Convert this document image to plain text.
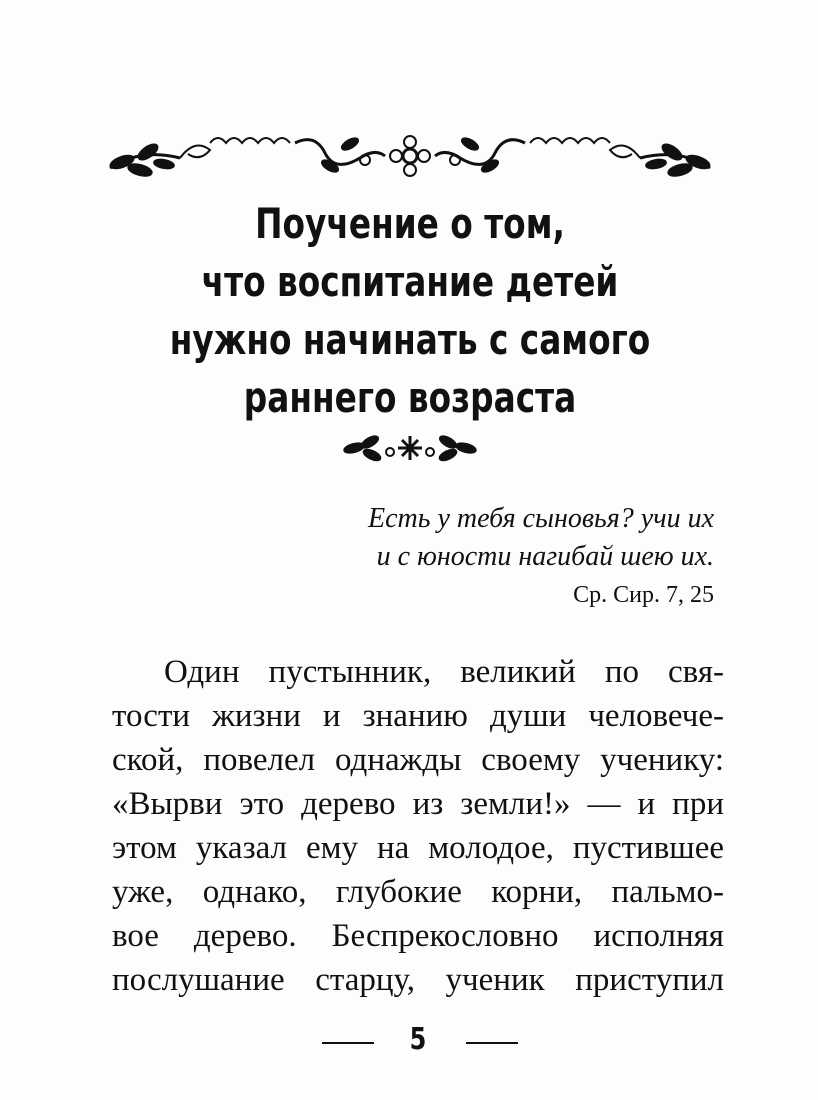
Поучение о том,
что воспитание детей
нужно начинать с самого
раннего возраста
Есть у тебя сыновья? учи их
и с юности нагибай шею их.
Ср. Сир. 7, 25
Один пустынник, великий по свя-
тости жизни и знанию души человече-
ской, повелел однажды своему ученику:
«Вырви это дерево из земли!» — и при
этом указал ему на молодое, пустившее
уже, однако, глубокие корни, пальмо-
вое дерево. Беспрекословно исполняя
послушание старцу, ученик приступил
5
